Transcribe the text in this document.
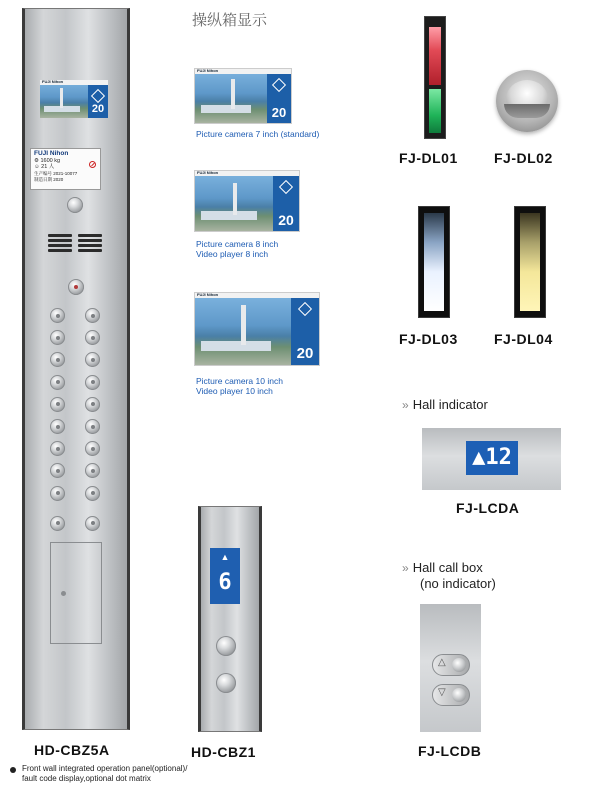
操纵箱显示
FUJI Nihon
20
FUJI Nihon
⚙ 1600 kg
☺ 21 人
生产编号 2021-10077
制造日期 2020
HD-CBZ5A
FUJI Nihon
20
Picture camera 7 inch (standard)
FUJI Nihon
20
Picture camera 8 inch
Video player 8 inch
FUJI Nihon
20
Picture camera 10 inch
Video player 10 inch
▲
6
HD-CBZ1
FJ-DL01	FJ-DL02
FJ-DL03	FJ-DL04
» Hall indicator
▲12
FJ-LCDA
» Hall call box
(no indicator)
△
▽
FJ-LCDB
Front wall integrated operation panel(optional)/
fault code display,optional dot matrix
